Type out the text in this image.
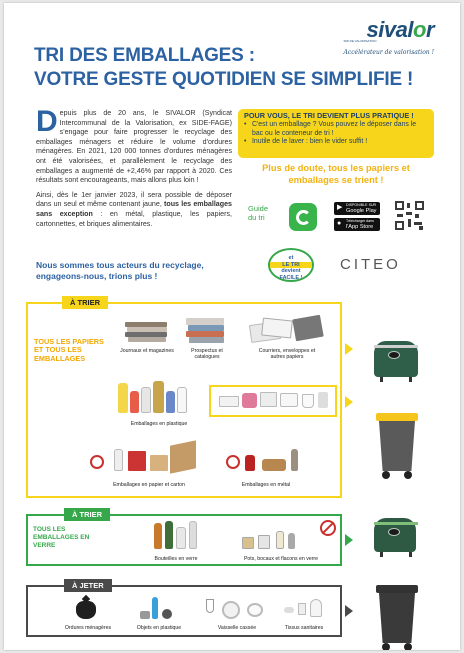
sivalor
SMI DE VALORISATION
Accélérateur de valorisation !
TRI DES EMBALLAGES :
VOTRE GESTE QUOTIDIEN SE SIMPLIFIE !

Depuis plus de 20 ans, le SIVALOR (Syndicat Intercommunal de la Valorisation, ex SIDE-FAGE) s'engage pour faire progresser le recyclage des emballages ménagers et réduire le volume d'ordures ménagères. En 2021, 120 000 tonnes d'ordures ménagères ont été valorisées, et parallèlement le recyclage des emballages a augmenté de +2,46% par rapport à 2020. Ces résultats sont encourageants, mais allons plus loin !

Ainsi, dès le 1er janvier 2023, il sera possible de déposer dans un seul et même contenant jaune, tous les emballages sans exception : en métal, plastique, les papiers, cartonnettes, et briques alimentaires.

Nous sommes tous acteurs du recyclage, engageons-nous, trions plus !
POUR VOUS, LE TRI DEVIENT PLUS PRATIQUE !
• C'est un emballage ? Vous pouvez le déposer dans le bac ou le conteneur de tri !
• Inutile de le laver : bien le vider suffit !
Plus de doute, tous les papiers et emballages se trient !
Guide
du tri
▶ DISPONIBLE SUR
Google Play
● Télécharger dans
l'App Store
et
LE TRI
devient
FACILE !
CITEO
À TRIER
TOUS LES PAPIERS ET TOUS LES EMBALLAGES
Journaux et magazines	Prospectus et catalogues
Courriers, enveloppes et autres papiers
Emballages en plastique
Emballages en papier et carton	Emballages en métal
À TRIER
TOUS LES EMBALLAGES EN VERRE
Bouteilles en verre	Pots, bocaux et flacons en verre
À JETER
Ordures ménagères	Objets en plastique	Vaisselle cassée	Tissus sanitaires
